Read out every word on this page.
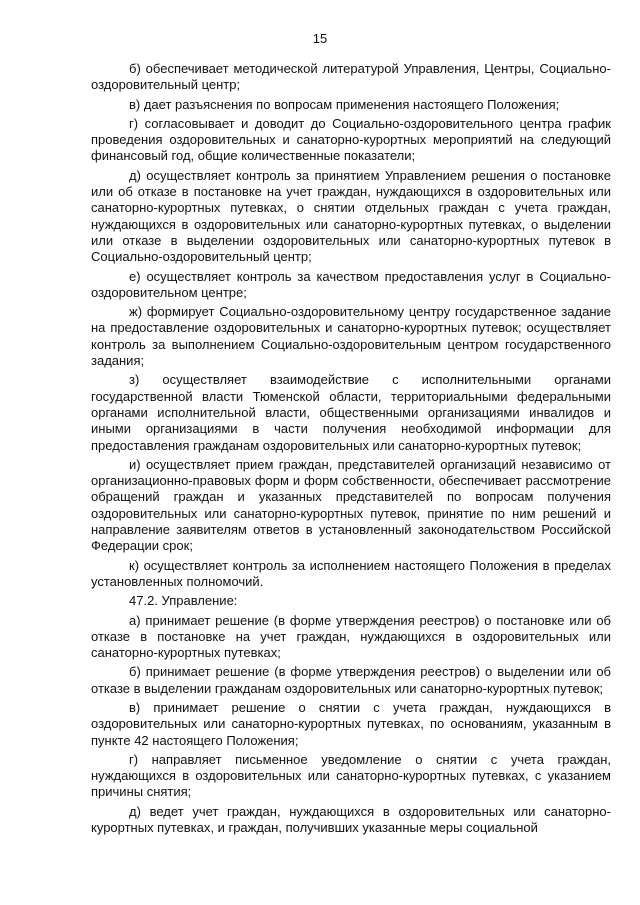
15

б) обеспечивает методической литературой Управления, Центры, Социально-оздоровительный центр;

в) дает разъяснения по вопросам применения настоящего Положения;

г) согласовывает и доводит до Социально-оздоровительного центра график проведения оздоровительных и санаторно-курортных мероприятий на следующий финансовый год, общие количественные показатели;

д) осуществляет контроль за принятием Управлением решения о постановке или об отказе в постановке на учет граждан, нуждающихся в оздоровительных или санаторно-курортных путевках, о снятии отдельных граждан с учета граждан, нуждающихся в оздоровительных или санаторно-курортных путевках, о выделении или отказе в выделении оздоровительных или санаторно-курортных путевок в Социально-оздоровительный центр;

е) осуществляет контроль за качеством предоставления услуг в Социально-оздоровительном центре;

ж) формирует Социально-оздоровительному центру государственное задание на предоставление оздоровительных и санаторно-курортных путевок; осуществляет контроль за выполнением Социально-оздоровительным центром государственного задания;

з) осуществляет взаимодействие с исполнительными органами государственной власти Тюменской области, территориальными федеральными органами исполнительной власти, общественными организациями инвалидов и иными организациями в части получения необходимой информации для предоставления гражданам оздоровительных или санаторно-курортных путевок;

и) осуществляет прием граждан, представителей организаций независимо от организационно-правовых форм и форм собственности, обеспечивает рассмотрение обращений граждан и указанных представителей по вопросам получения оздоровительных или санаторно-курортных путевок, принятие по ним решений и направление заявителям ответов в установленный законодательством Российской Федерации срок;

к) осуществляет контроль за исполнением настоящего Положения в пределах установленных полномочий.

47.2. Управление:

а) принимает решение (в форме утверждения реестров) о постановке или об отказе в постановке на учет граждан, нуждающихся в оздоровительных или санаторно-курортных путевках;

б) принимает решение (в форме утверждения реестров) о выделении или об отказе в выделении гражданам оздоровительных или санаторно-курортных путевок;

в) принимает решение о снятии с учета граждан, нуждающихся в оздоровительных или санаторно-курортных путевках, по основаниям, указанным в пункте 42 настоящего Положения;

г) направляет письменное уведомление о снятии с учета граждан, нуждающихся в оздоровительных или санаторно-курортных путевках, с указанием причины снятия;

д) ведет учет граждан, нуждающихся в оздоровительных или санаторно-курортных путевках, и граждан, получивших указанные меры социальной
